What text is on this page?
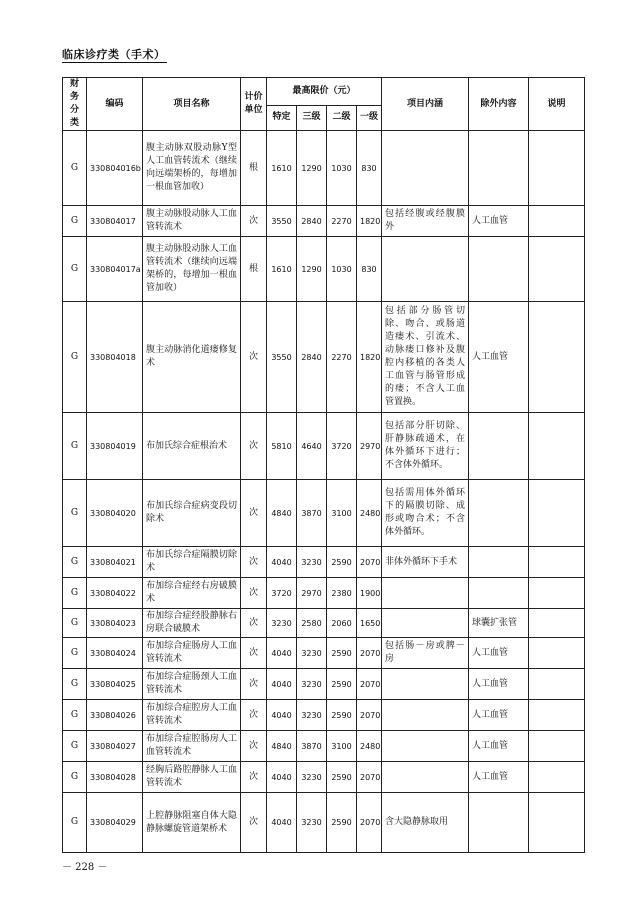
临床诊疗类（手术）
财务分类	编码	项目名称	计价单位	最高限价（元）				项目内涵	除外内容	说明
				特定	三级	二级	一级			
G	330804016b	腹主动脉双股动脉Y型人工血管转流术（继续向远端架桥的，每增加一根血管加收）	根	1610	1290	1030	830			
G	330804017	腹主动脉股动脉人工血管转流术	次	3550	2840	2270	1820	包括经腹或经腹膜外	人工血管	
G	330804017a	腹主动脉股动脉人工血管转流术（继续向远端架桥的，每增加一根血管加收）	根	1610	1290	1030	830			
G	330804018	腹主动脉消化道瘘修复术	次	3550	2840	2270	1820	包括部分肠管切除、吻合、或肠道造瘘术、引流术、动脉瘘口修补及腹腔内移植的各类人工血管与肠管形成的瘘；不含人工血管置换。	人工血管	
G	330804019	布加氏综合症根治术	次	5810	4640	3720	2970	包括部分肝切除、肝静脉疏通术，在体外循环下进行；不含体外循环。		
G	330804020	布加氏综合症病变段切除术	次	4840	3870	3100	2480	包括需用体外循环下的隔膜切除、成形或吻合术；不含体外循环。		
G	330804021	布加氏综合症隔膜切除术	次	4040	3230	2590	2070	非体外循环下手术		
G	330804022	布加综合症经右房破膜术	次	3720	2970	2380	1900			
G	330804023	布加综合症经股静脉右房联合破膜术	次	3230	2580	2060	1650		球囊扩张管	
G	330804024	布加综合症肠房人工血管转流术	次	4040	3230	2590	2070	包括肠－房或脾－房	人工血管	
G	330804025	布加综合症肠颈人工血管转流术	次	4040	3230	2590	2070		人工血管	
G	330804026	布加综合症腔房人工血管转流术	次	4040	3230	2590	2070		人工血管	
G	330804027	布加综合症腔肠房人工血管转流术	次	4840	3870	3100	2480		人工血管	
G	330804028	经胸后路腔静脉人工血管转流术	次	4040	3230	2590	2070		人工血管	
G	330804029	上腔静脉阻塞自体大隐静脉螺旋管道架桥术	次	4040	3230	2590	2070	含大隐静脉取用		
－ 228 －
